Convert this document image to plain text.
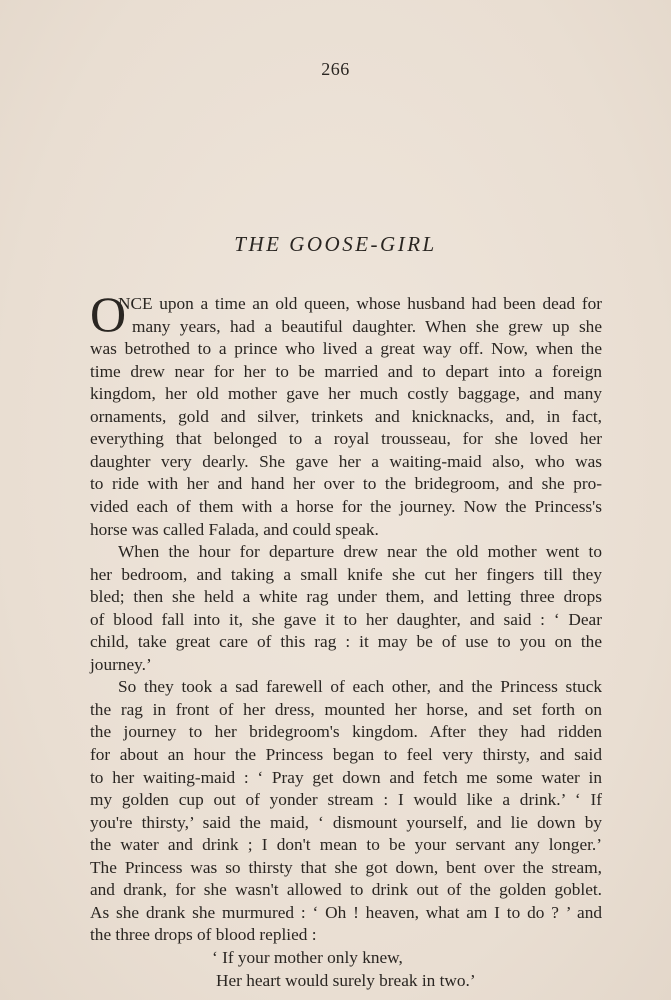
266
THE GOOSE-GIRL
O
NCE upon a time an old queen, whose husband had been dead for
many years, had a beautiful daughter. When she grew up she
was betrothed to a prince who lived a great way off. Now, when the
time drew near for her to be married and to depart into a foreign
kingdom, her old mother gave her much costly baggage, and many
ornaments, gold and silver, trinkets and knicknacks, and, in fact,
everything that belonged to a royal trousseau, for she loved her
daughter very dearly. She gave her a waiting-maid also, who was
to ride with her and hand her over to the bridegroom, and she pro-
vided each of them with a horse for the journey. Now the Princess's
horse was called Falada, and could speak.
When the hour for departure drew near the old mother went to
her bedroom, and taking a small knife she cut her fingers till they
bled; then she held a white rag under them, and letting three drops
of blood fall into it, she gave it to her daughter, and said : ‘ Dear
child, take great care of this rag : it may be of use to you on the
journey.’
So they took a sad farewell of each other, and the Princess stuck
the rag in front of her dress, mounted her horse, and set forth on
the journey to her bridegroom's kingdom. After they had ridden
for about an hour the Princess began to feel very thirsty, and said
to her waiting-maid : ‘ Pray get down and fetch me some water in
my golden cup out of yonder stream : I would like a drink.’ ‘ If
you're thirsty,’ said the maid, ‘ dismount yourself, and lie down by
the water and drink ; I don't mean to be your servant any longer.’
The Princess was so thirsty that she got down, bent over the stream,
and drank, for she wasn't allowed to drink out of the golden goblet.
As she drank she murmured : ‘ Oh ! heaven, what am I to do ? ’ and
the three drops of blood replied :
‘ If your mother only knew,
Her heart would surely break in two.’
